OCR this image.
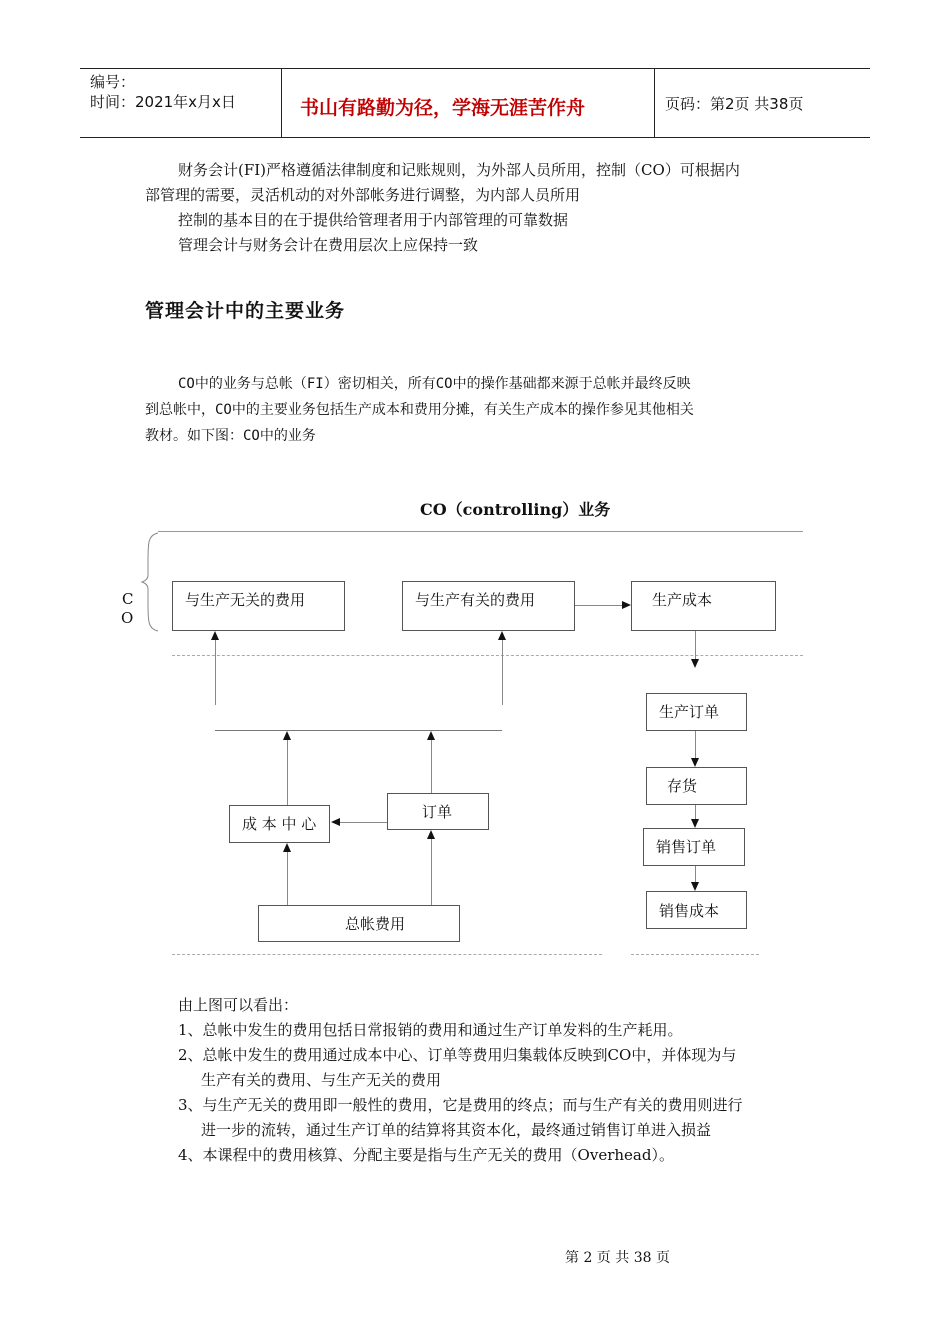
编号：
时间：2021年x月x日	书山有路勤为径，学海无涯苦作舟	页码：第2页 共38页
财务会计(FI)严格遵循法律制度和记账规则，为外部人员所用，控制（CO）可根据内
部管理的需要，灵活机动的对外部帐务进行调整，为内部人员所用
控制的基本目的在于提供给管理者用于内部管理的可靠数据
管理会计与财务会计在费用层次上应保持一致
管理会计中的主要业务
CO中的业务与总帐（FI）密切相关，所有CO中的操作基础都来源于总帐并最终反映
到总帐中，CO中的主要业务包括生产成本和费用分摊，有关生产成本的操作参见其他相关
教材。如下图：CO中的业务
CO（controlling）业务
C
O
与生产无关的费用	与生产有关的费用	生产成本
成 本 中 心
订单
总帐费用
生产订单
存货
销售订单
销售成本
由上图可以看出：
1、总帐中发生的费用包括日常报销的费用和通过生产订单发料的生产耗用。
2、总帐中发生的费用通过成本中心、订单等费用归集载体反映到CO中，并体现为与
生产有关的费用、与生产无关的费用
3、与生产无关的费用即一般性的费用，它是费用的终点；而与生产有关的费用则进行
进一步的流转，通过生产订单的结算将其资本化，最终通过销售订单进入损益
4、本课程中的费用核算、分配主要是指与生产无关的费用（Overhead）。
第 2 页 共 38 页
